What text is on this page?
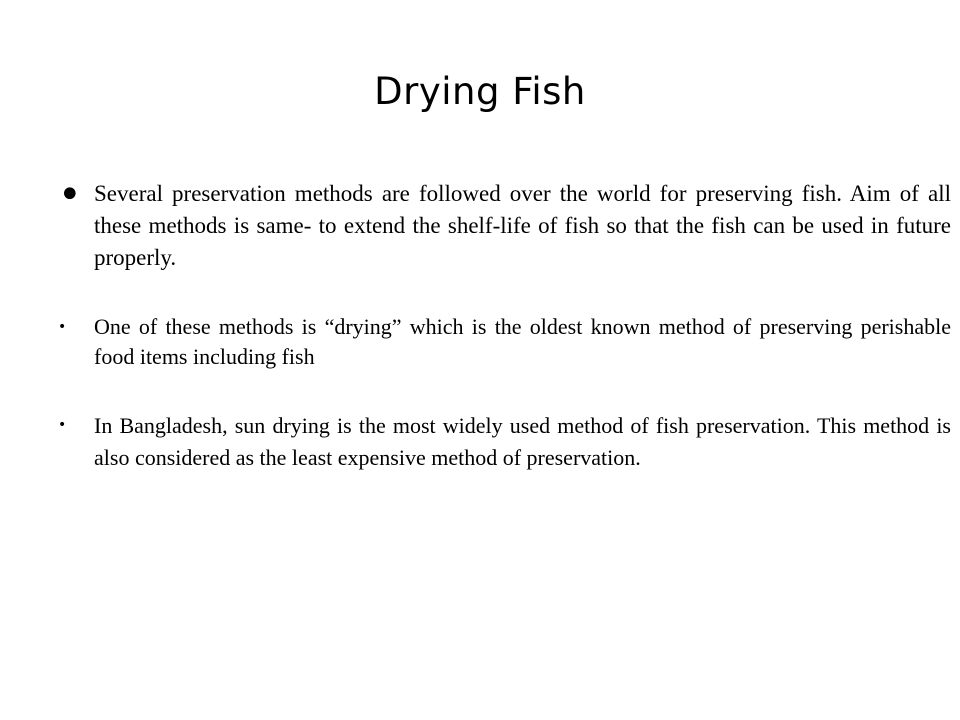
Drying Fish
• Several preservation methods are followed over the world for preserving fish. Aim of all these methods is same- to extend the shelf-life of fish so that the fish can be used in future properly.
• One of these methods is “drying” which is the oldest known method of preserving perishable food items including fish
• In Bangladesh, sun drying is the most widely used method of fish preservation. This method is also considered as the least expensive method of preservation.
